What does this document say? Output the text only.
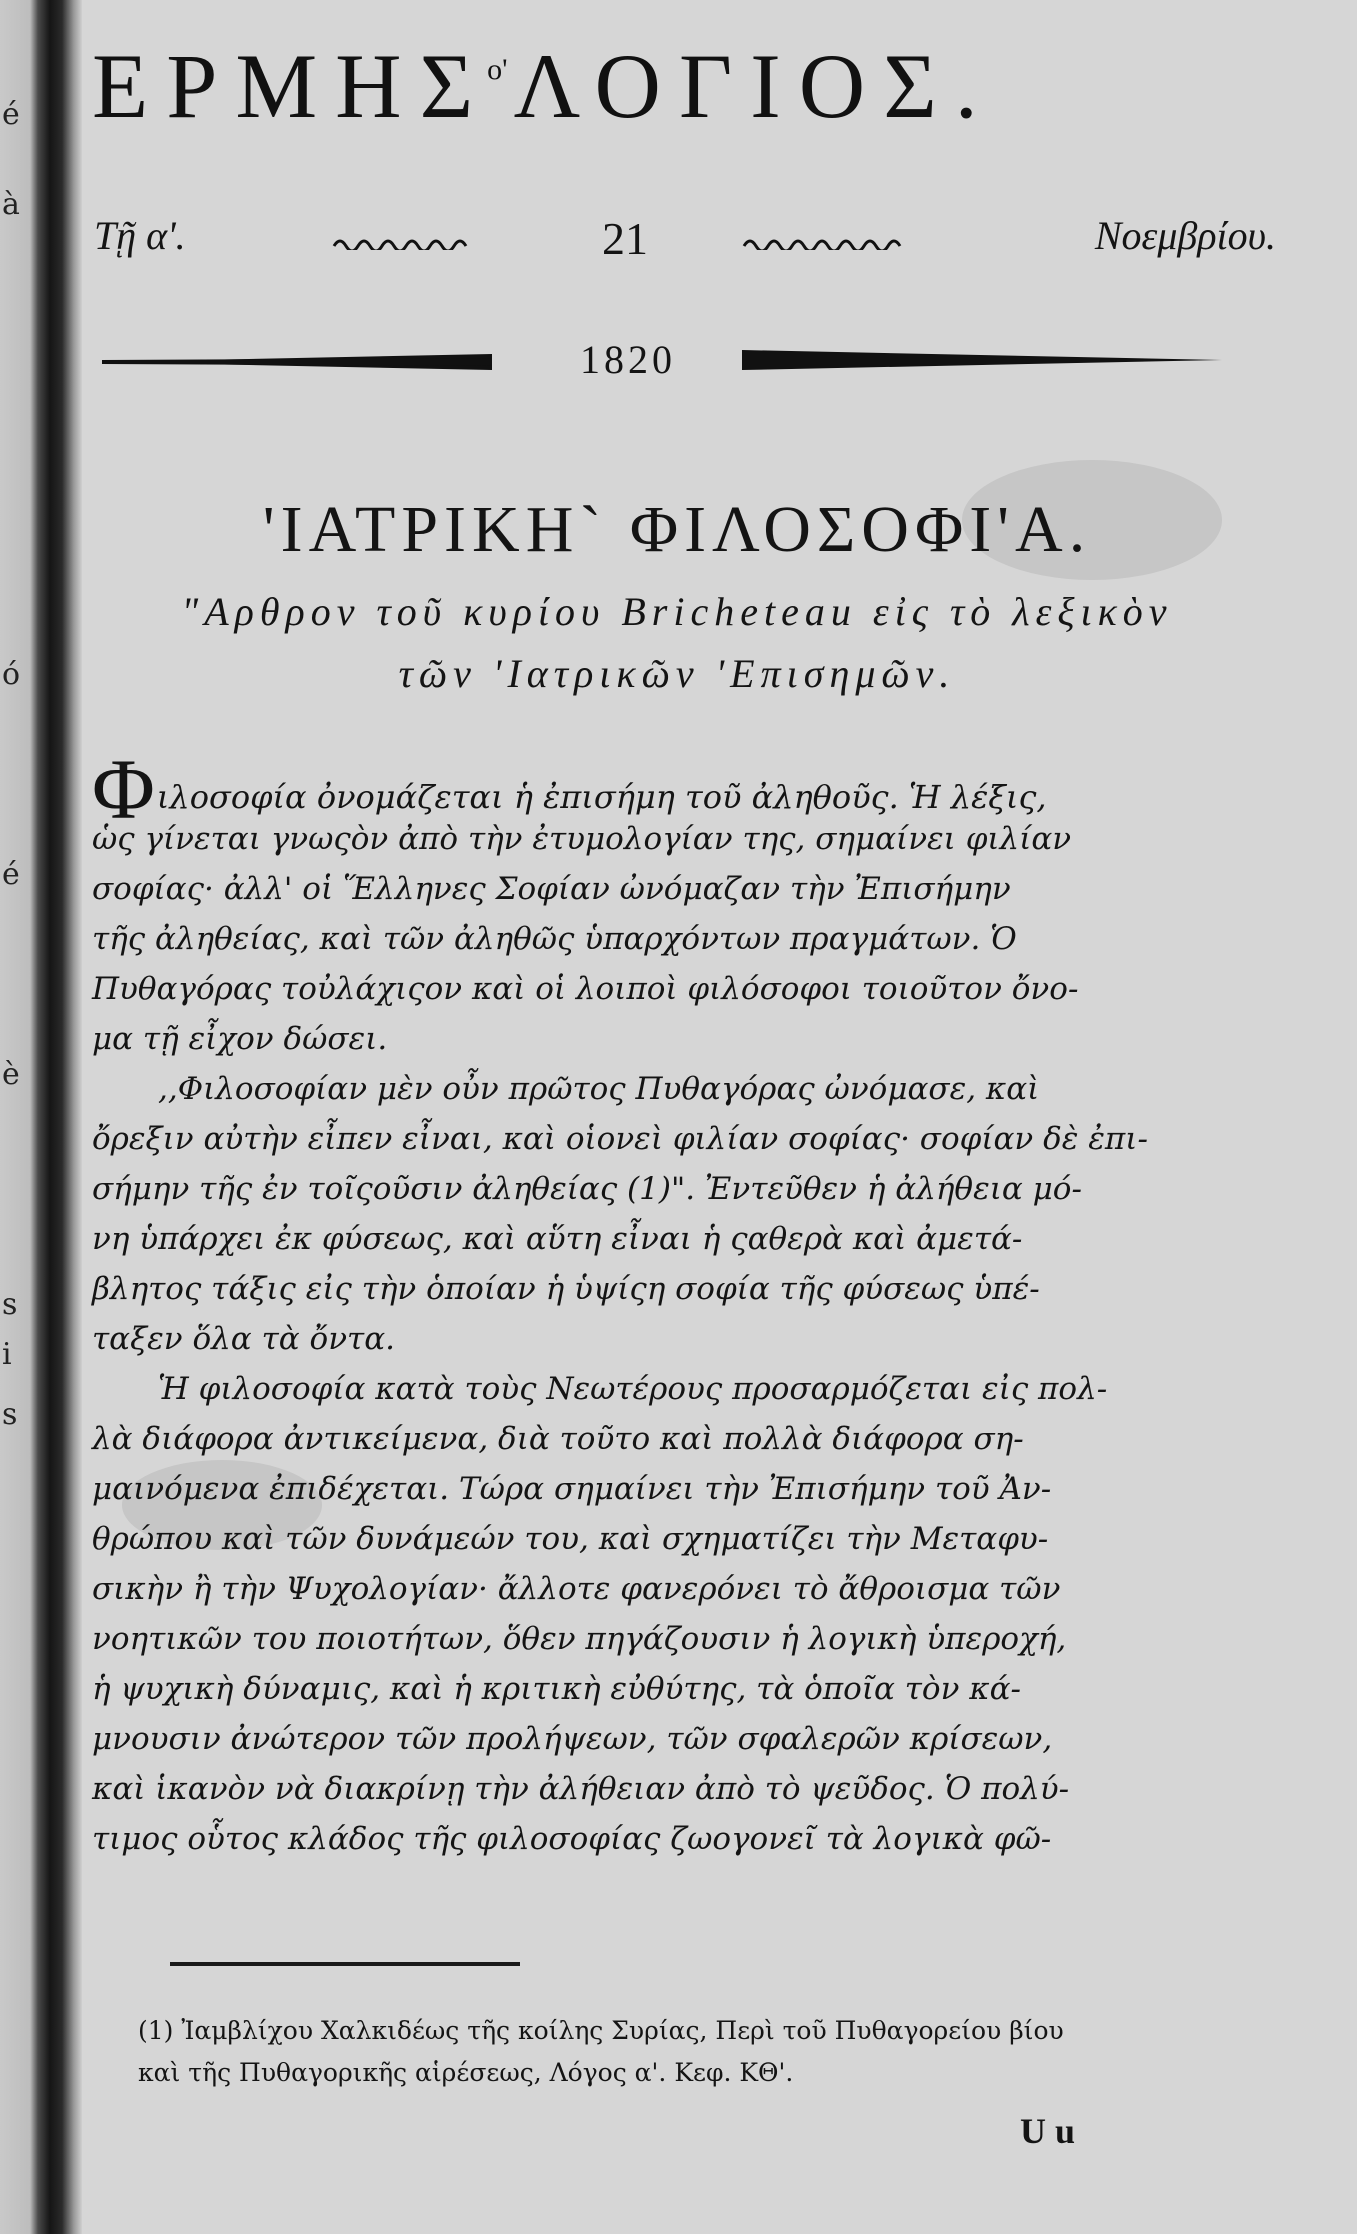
é
à
ó
é
è
s
i
s
$EPMH\Sigma^{o'}\Lambda O\Gamma IO\Sigma$.
Τῇ α'.	21	Νοεμβρίου.
1820
'ΙΑΤΡΙΚΗ` ΦΙΛΟΣΟΦΙ'Α.
"Αρθρον τοῦ κυρίου Bricheteau εἰς τὸ λεξικὸν
τῶν 'Ιατρικῶν 'Επισημῶν.
Φιλοσοφία ὀνομάζεται ἡ ἐπισήμη τοῦ ἀληθοῦς. Ἡ λέξις,
ὡς γίνεται γνωςὸν ἀπὸ τὴν ἐτυμολογίαν της, σημαίνει φιλίαν
σοφίας· ἀλλ' οἱ Ἕλληνες Σοφίαν ὠνόμαζαν τὴν Ἐπισήμην
τῆς ἀληθείας, καὶ τῶν ἀληθῶς ὑπαρχόντων πραγμάτων. Ὁ
Πυθαγόρας τοὐλάχιςον καὶ οἱ λοιποὶ φιλόσοφοι τοιοῦτον ὄνο-
μα τῇ εἶχον δώσει.
,,Φιλοσοφίαν μὲν οὖν πρῶτος Πυθαγόρας ὠνόμασε, καὶ
ὄρεξιν αὐτὴν εἶπεν εἶναι, καὶ οἱονεὶ φιλίαν σοφίας· σοφίαν δὲ ἐπι-
σήμην τῆς ἐν τοῖςοῦσιν ἀληθείας (1)". Ἐντεῦθεν ἡ ἀλήθεια μό-
νη ὑπάρχει ἐκ φύσεως, καὶ αὕτη εἶναι ἡ ςαθερὰ καὶ ἀμετά-
βλητος τάξις εἰς τὴν ὁποίαν ἡ ὑψίςη σοφία τῆς φύσεως ὑπέ-
ταξεν ὅλα τὰ ὄντα.
Ἡ φιλοσοφία κατὰ τοὺς Νεωτέρους προσαρμόζεται εἰς πολ-
λὰ διάφορα ἀντικείμενα, διὰ τοῦτο καὶ πολλὰ διάφορα ση-
μαινόμενα ἐπιδέχεται. Τώρα σημαίνει τὴν Ἐπισήμην τοῦ Ἀν-
θρώπου καὶ τῶν δυνάμεών του, καὶ σχηματίζει τὴν Μεταφυ-
σικὴν ἢ τὴν Ψυχολογίαν· ἄλλοτε φανερόνει τὸ ἄθροισμα τῶν
νοητικῶν του ποιοτήτων, ὅθεν πηγάζουσιν ἡ λογικὴ ὑπεροχή,
ἡ ψυχικὴ δύναμις, καὶ ἡ κριτικὴ εὐθύτης, τὰ ὁποῖα τὸν κά-
μνουσιν ἀνώτερον τῶν προλήψεων, τῶν σφαλερῶν κρίσεων,
καὶ ἱκανὸν νὰ διακρίνῃ τὴν ἀλήθειαν ἀπὸ τὸ ψεῦδος. Ὁ πολύ-
τιμος οὗτος κλάδος τῆς φιλοσοφίας ζωογονεῖ τὰ λογικὰ φῶ-
(1) Ἰαμβλίχου Χαλκιδέως τῆς κοίλης Συρίας, Περὶ τοῦ Πυθαγορείου βίου
καὶ τῆς Πυθαγορικῆς αἱρέσεως, Λόγος α'. Κεφ. ΚΘ'.
U u
